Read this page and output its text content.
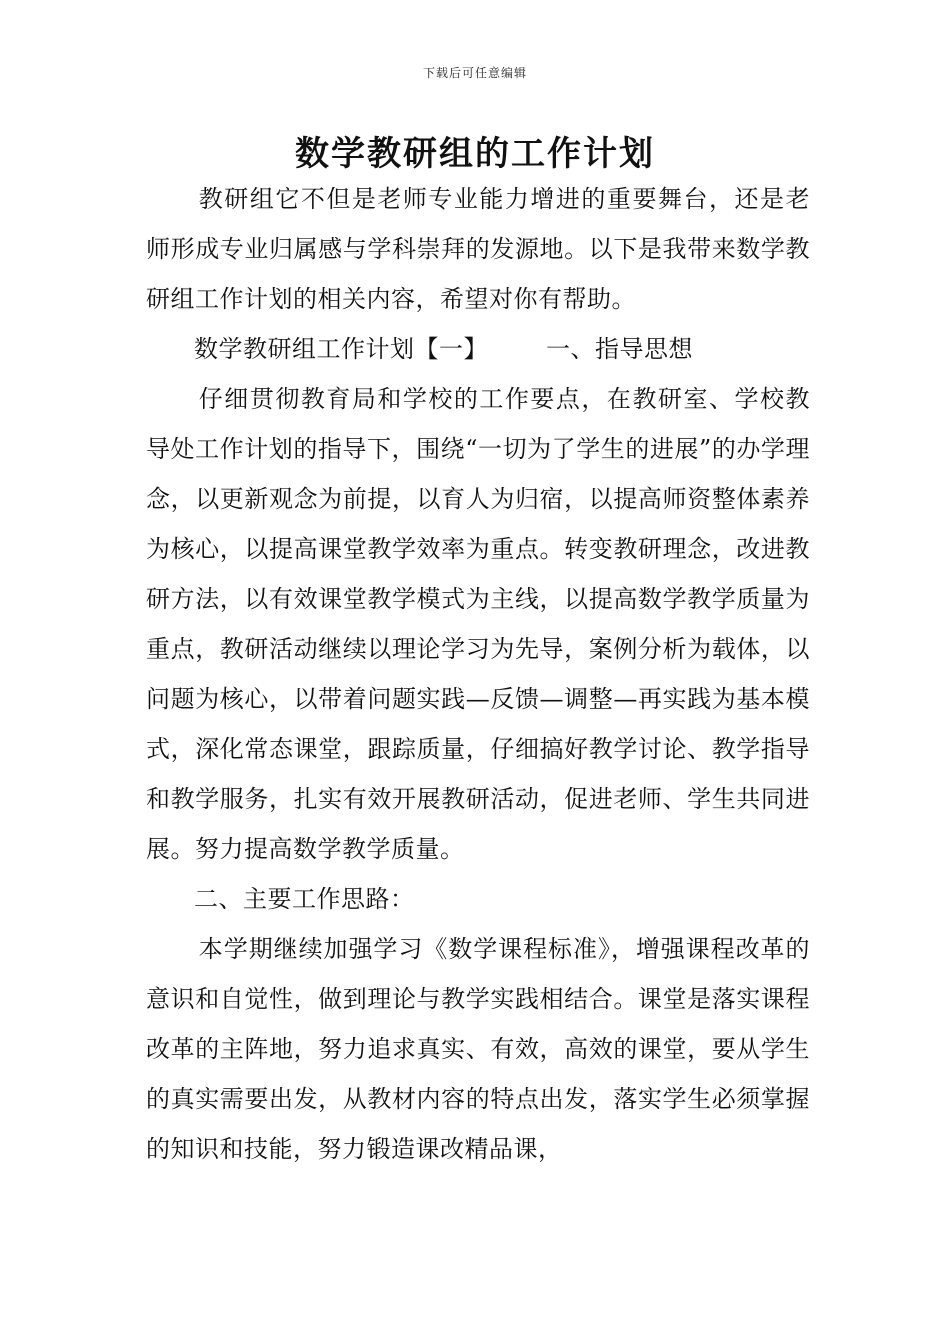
下载后可任意编辑
数学教研组的工作计划

教研组它不但是老师专业能力增进的重要舞台，还是老师形成专业归属感与学科崇拜的发源地。以下是我带来数学教研组工作计划的相关内容，希望对你有帮助。

数学教研组工作计划【一】 一、指导思想

仔细贯彻教育局和学校的工作要点，在教研室、学校教导处工作计划的指导下，围绕“一切为了学生的进展”的办学理念，以更新观念为前提，以育人为归宿，以提高师资整体素养为核心，以提高课堂教学效率为重点。转变教研理念，改进教研方法，以有效课堂教学模式为主线，以提高数学教学质量为重点，教研活动继续以理论学习为先导，案例分析为载体，以问题为核心，以带着问题实践—反馈—调整—再实践为基本模式，深化常态课堂，跟踪质量，仔细搞好教学讨论、教学指导和教学服务，扎实有效开展教研活动，促进老师、学生共同进展。努力提高数学教学质量。

二、主要工作思路：

本学期继续加强学习《数学课程标准》，增强课程改革的意识和自觉性，做到理论与教学实践相结合。课堂是落实课程改革的主阵地，努力追求真实、有效，高效的课堂，要从学生的真实需要出发，从教材内容的特点出发，落实学生必须掌握的知识和技能，努力锻造课改精品课，
